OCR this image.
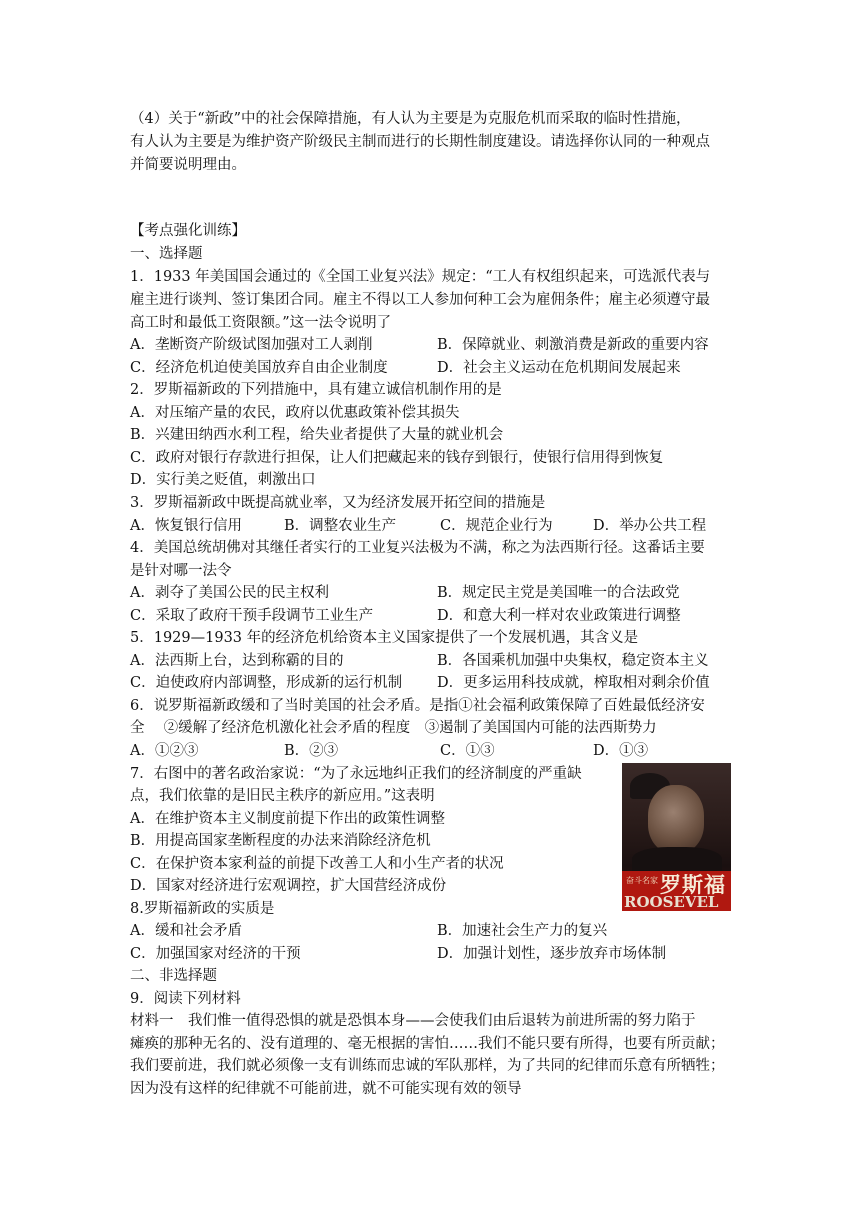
（4）关于“新政”中的社会保障措施，有人认为主要是为克服危机而采取的临时性措施，
有人认为主要是为维护资产阶级民主制而进行的长期性制度建设。请选择你认同的一种观点
并简要说明理由。
【考点强化训练】
一、选择题
1．1933 年美国国会通过的《全国工业复兴法》规定：“工人有权组织起来，可选派代表与
雇主进行谈判、签订集团合同。雇主不得以工人参加何种工会为雇佣条件；雇主必须遵守最
高工时和最低工资限额。”这一法令说明了
A．垄断资产阶级试图加强对工人剥削	B．保障就业、刺激消费是新政的重要内容
C．经济危机迫使美国放弃自由企业制度	D．社会主义运动在危机期间发展起来
2．罗斯福新政的下列措施中，具有建立诚信机制作用的是
A．对压缩产量的农民，政府以优惠政策补偿其损失
B．兴建田纳西水利工程，给失业者提供了大量的就业机会
C．政府对银行存款进行担保，让人们把藏起来的钱存到银行，使银行信用得到恢复
D．实行美之贬值，刺激出口
3．罗斯福新政中既提高就业率，又为经济发展开拓空间的措施是
A．恢复银行信用	B．调整农业生产	C．规范企业行为	D．举办公共工程
4．美国总统胡佛对其继任者实行的工业复兴法极为不满，称之为法西斯行径。这番话主要
是针对哪一法令
A．剥夺了美国公民的民主权利	B．规定民主党是美国唯一的合法政党
C．采取了政府干预手段调节工业生产	D．和意大利一样对农业政策进行调整
5．1929—1933 年的经济危机给资本主义国家提供了一个发展机遇，其含义是
A．法西斯上台，达到称霸的目的	B．各国乘机加强中央集权，稳定资本主义
C．迫使政府内部调整，形成新的运行机制 D．更多运用科技成就，榨取相对剩余价值
6．说罗斯福新政缓和了当时美国的社会矛盾。是指①社会福利政策保障了百姓最低经济安
全　 ②缓解了经济危机激化社会矛盾的程度　③遏制了美国国内可能的法西斯势力
A．①②③	B．②③	C．①③	D．①③
7．右图中的著名政治家说：“为了永远地纠正我们的经济制度的严重缺
点，我们依靠的是旧民主秩序的新应用。”这表明
A．在维护资本主义制度前提下作出的政策性调整
B．用提高国家垄断程度的办法来消除经济危机
C．在保护资本家利益的前提下改善工人和小生产者的状况
D．国家对经济进行宏观调控，扩大国营经济成份	奋斗名家 罗斯福
ROOSEVEL
8.罗斯福新政的实质是
A．缓和社会矛盾	B．加速社会生产力的复兴
C．加强国家对经济的干预	D．加强计划性，逐步放弃市场体制
二、非选择题
9．阅读下列材料
材料一　我们惟一值得恐惧的就是恐惧本身——会使我们由后退转为前进所需的努力陷于
瘫痪的那种无名的、没有道理的、毫无根据的害怕……我们不能只要有所得，也要有所贡献；
我们要前进，我们就必须像一支有训练而忠诚的军队那样，为了共同的纪律而乐意有所牺牲；
因为没有这样的纪律就不可能前进，就不可能实现有效的领导
